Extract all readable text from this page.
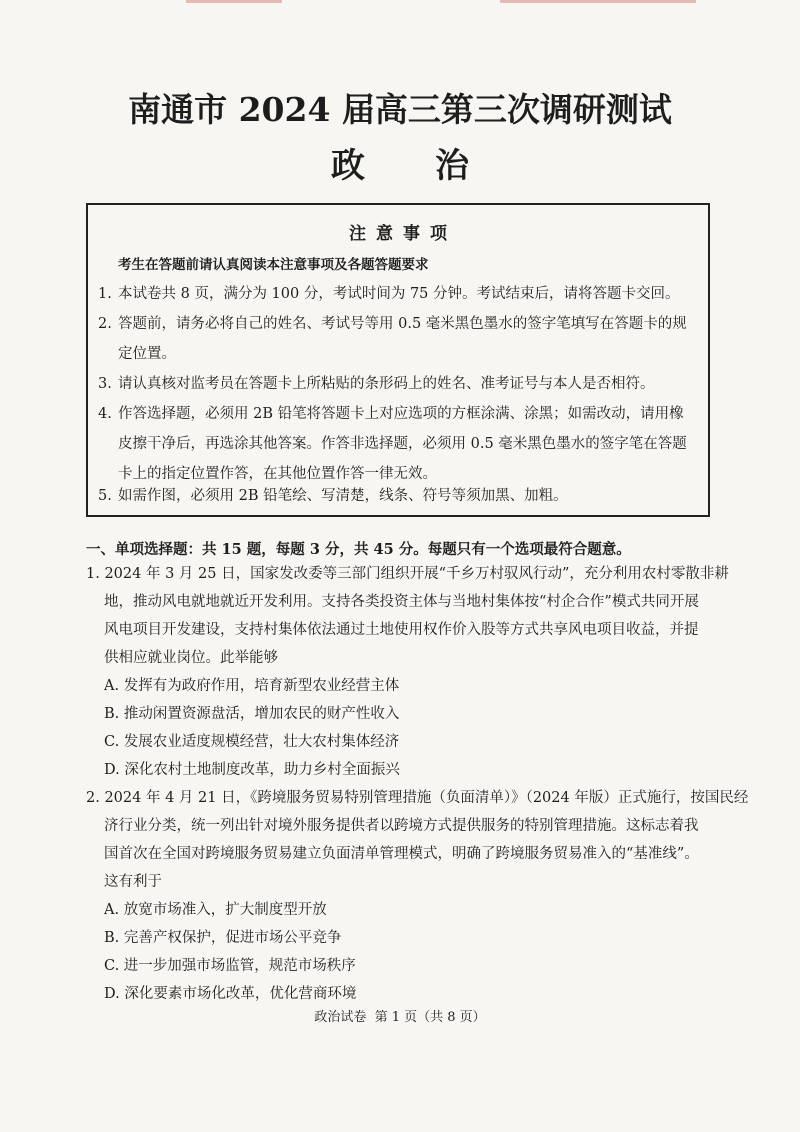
南通市 2024 届高三第三次调研测试
政治
注意事项
考生在答题前请认真阅读本注意事项及各题答题要求
1. 本试卷共 8 页，满分为 100 分，考试时间为 75 分钟。考试结束后，请将答题卡交回。
2. 答题前，请务必将自己的姓名、考试号等用 0.5 毫米黑色墨水的签字笔填写在答题卡的规定位置。
3. 请认真核对监考员在答题卡上所粘贴的条形码上的姓名、准考证号与本人是否相符。
4. 作答选择题，必须用 2B 铅笔将答题卡上对应选项的方框涂满、涂黑；如需改动，请用橡皮擦干净后，再选涂其他答案。作答非选择题，必须用 0.5 毫米黑色墨水的签字笔在答题卡上的指定位置作答，在其他位置作答一律无效。
5. 如需作图，必须用 2B 铅笔绘、写清楚，线条、符号等须加黑、加粗。
一、单项选择题：共 15 题，每题 3 分，共 45 分。每题只有一个选项最符合题意。
1. 2024 年 3 月 25 日，国家发改委等三部门组织开展“千乡万村驭风行动”，充分利用农村零散非耕
地，推动风电就地就近开发利用。支持各类投资主体与当地村集体按“村企合作”模式共同开展
风电项目开发建设，支持村集体依法通过土地使用权作价入股等方式共享风电项目收益，并提
供相应就业岗位。此举能够
A. 发挥有为政府作用，培育新型农业经营主体
B. 推动闲置资源盘活，增加农民的财产性收入
C. 发展农业适度规模经营，壮大农村集体经济
D. 深化农村土地制度改革，助力乡村全面振兴
2. 2024 年 4 月 21 日，《跨境服务贸易特别管理措施（负面清单）》（2024 年版）正式施行，按国民经
济行业分类，统一列出针对境外服务提供者以跨境方式提供服务的特别管理措施。这标志着我
国首次在全国对跨境服务贸易建立负面清单管理模式，明确了跨境服务贸易准入的“基准线”。
这有利于
A. 放宽市场准入，扩大制度型开放
B. 完善产权保护，促进市场公平竞争
C. 进一步加强市场监管，规范市场秩序
D. 深化要素市场化改革，优化营商环境
政治试卷  第 1 页（共 8 页）
